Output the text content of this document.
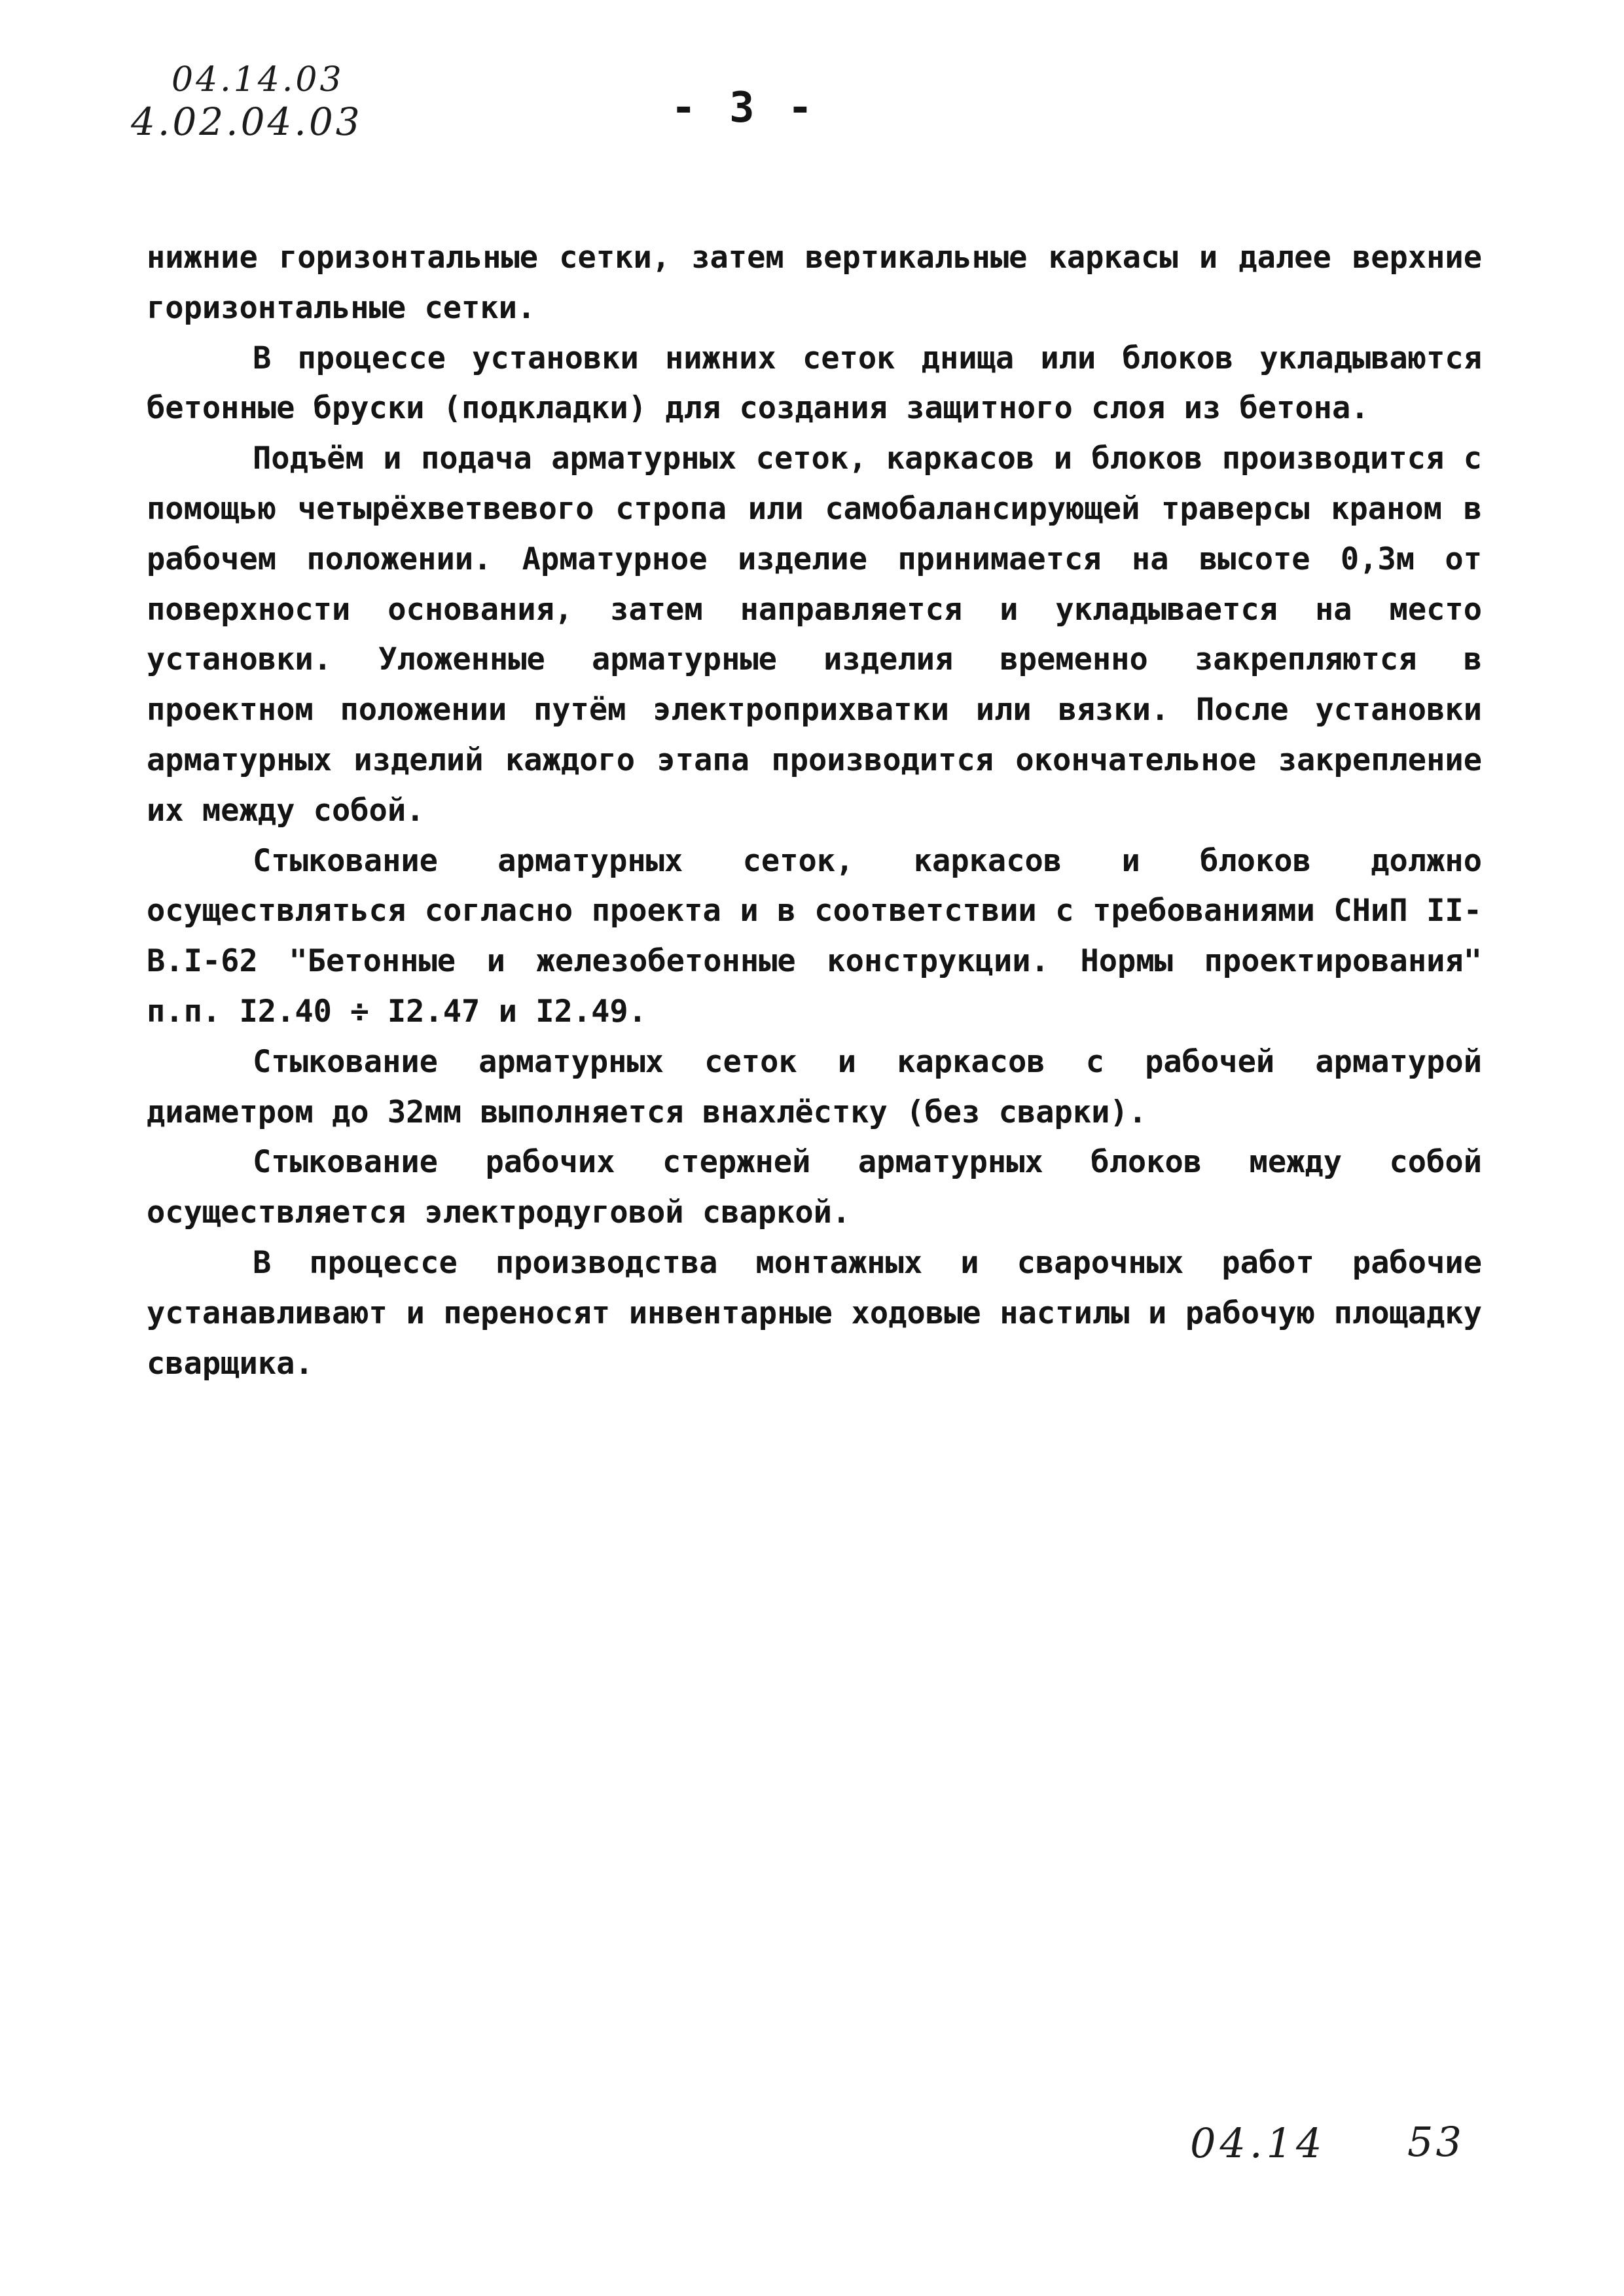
04.14.03
4.02.04.03	- 3 -

нижние горизонтальные сетки, затем вертикальные каркасы и далее верхние горизонтальные сетки.

В процессе установки нижних сеток днища или блоков укладываются бетонные бруски (подкладки) для создания защитного слоя из бетона.

Подъём и подача арматурных сеток, каркасов и блоков производится с помощью четырёхветвевого стропа или самобалансирующей траверсы краном в рабочем положении. Арматурное изделие принимается на высоте 0,3м от поверхности основания, затем направляется и укладывается на место установки. Уложенные арматурные изделия временно закрепляются в проектном положении путём электроприхватки или вязки. После установки арматурных изделий каждого этапа производится окончательное закрепление их между собой.

Стыкование арматурных сеток, каркасов и блоков должно осуществляться согласно проекта и в соответствии с требованиями СНиП II-В.I-62 "Бетонные и железобетонные конструкции. Нормы проектирования" п.п. I2.40 ÷ I2.47 и I2.49.

Стыкование арматурных сеток и каркасов с рабочей арматурой диаметром до 32мм выполняется внахлёстку (без сварки).

Стыкование рабочих стержней арматурных блоков между собой осуществляется электродуговой сваркой.

В процессе производства монтажных и сварочных работ рабочие устанавливают и переносят инвентарные ходовые настилы и рабочую площадку сварщика.

04.14 53
